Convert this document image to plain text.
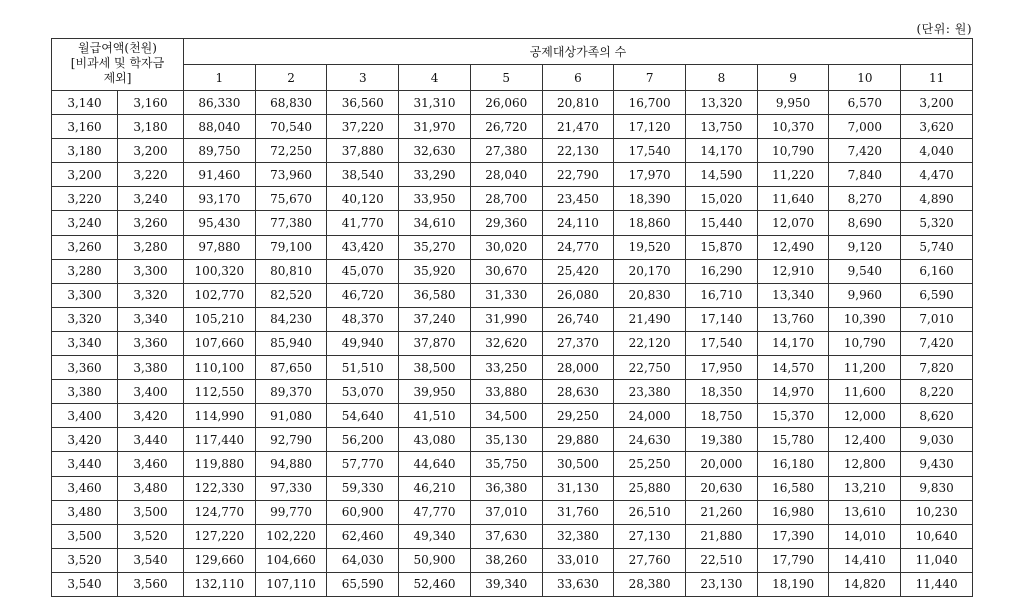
(단위: 원)
월급여액(천원)
[비과세 및 학자금
제외]		공제대상가족의 수										
		1	2	3	4	5	6	7	8	9	10	11
3,140	3,160	86,330	68,830	36,560	31,310	26,060	20,810	16,700	13,320	9,950	6,570	3,200
3,160	3,180	88,040	70,540	37,220	31,970	26,720	21,470	17,120	13,750	10,370	7,000	3,620
3,180	3,200	89,750	72,250	37,880	32,630	27,380	22,130	17,540	14,170	10,790	7,420	4,040
3,200	3,220	91,460	73,960	38,540	33,290	28,040	22,790	17,970	14,590	11,220	7,840	4,470
3,220	3,240	93,170	75,670	40,120	33,950	28,700	23,450	18,390	15,020	11,640	8,270	4,890
3,240	3,260	95,430	77,380	41,770	34,610	29,360	24,110	18,860	15,440	12,070	8,690	5,320
3,260	3,280	97,880	79,100	43,420	35,270	30,020	24,770	19,520	15,870	12,490	9,120	5,740
3,280	3,300	100,320	80,810	45,070	35,920	30,670	25,420	20,170	16,290	12,910	9,540	6,160
3,300	3,320	102,770	82,520	46,720	36,580	31,330	26,080	20,830	16,710	13,340	9,960	6,590
3,320	3,340	105,210	84,230	48,370	37,240	31,990	26,740	21,490	17,140	13,760	10,390	7,010
3,340	3,360	107,660	85,940	49,940	37,870	32,620	27,370	22,120	17,540	14,170	10,790	7,420
3,360	3,380	110,100	87,650	51,510	38,500	33,250	28,000	22,750	17,950	14,570	11,200	7,820
3,380	3,400	112,550	89,370	53,070	39,950	33,880	28,630	23,380	18,350	14,970	11,600	8,220
3,400	3,420	114,990	91,080	54,640	41,510	34,500	29,250	24,000	18,750	15,370	12,000	8,620
3,420	3,440	117,440	92,790	56,200	43,080	35,130	29,880	24,630	19,380	15,780	12,400	9,030
3,440	3,460	119,880	94,880	57,770	44,640	35,750	30,500	25,250	20,000	16,180	12,800	9,430
3,460	3,480	122,330	97,330	59,330	46,210	36,380	31,130	25,880	20,630	16,580	13,210	9,830
3,480	3,500	124,770	99,770	60,900	47,770	37,010	31,760	26,510	21,260	16,980	13,610	10,230
3,500	3,520	127,220	102,220	62,460	49,340	37,630	32,380	27,130	21,880	17,390	14,010	10,640
3,520	3,540	129,660	104,660	64,030	50,900	38,260	33,010	27,760	22,510	17,790	14,410	11,040
3,540	3,560	132,110	107,110	65,590	52,460	39,340	33,630	28,380	23,130	18,190	14,820	11,440
